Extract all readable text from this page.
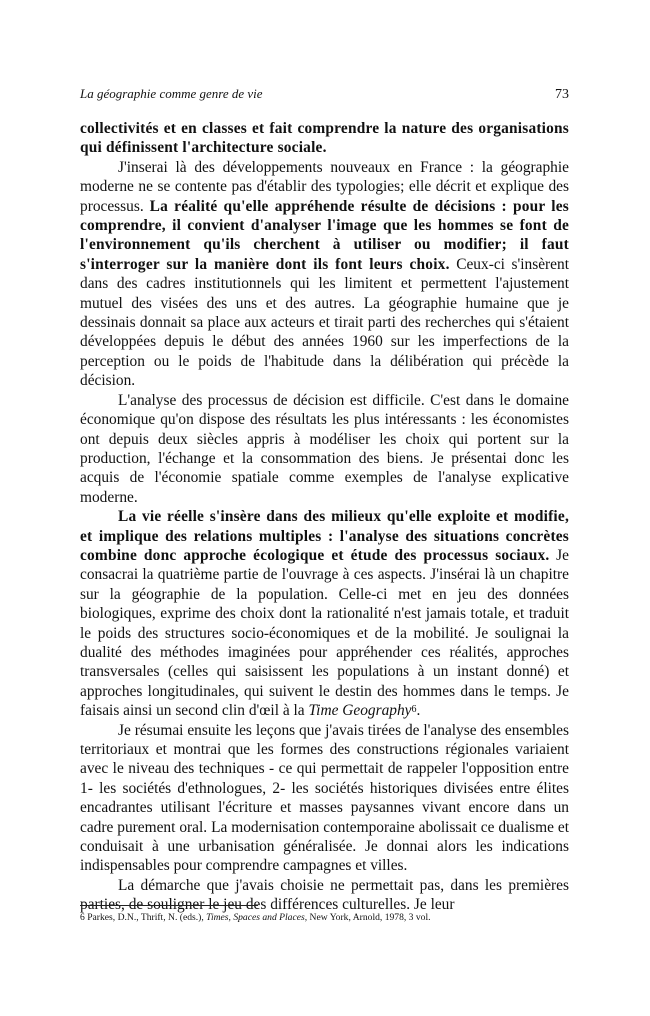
La géographie comme genre de vie	73

collectivités et en classes et fait comprendre la nature des organisations qui définissent l'architecture sociale.

J'inserai là des développements nouveaux en France : la géographie moderne ne se contente pas d'établir des typologies; elle décrit et explique des processus. La réalité qu'elle appréhende résulte de décisions : pour les comprendre, il convient d'analyser l'image que les hommes se font de l'environnement qu'ils cherchent à utiliser ou modifier; il faut s'interroger sur la manière dont ils font leurs choix. Ceux-ci s'insèrent dans des cadres institutionnels qui les limitent et permettent l'ajustement mutuel des visées des uns et des autres. La géographie humaine que je dessinais donnait sa place aux acteurs et tirait parti des recherches qui s'étaient développées depuis le début des années 1960 sur les imperfections de la perception ou le poids de l'habitude dans la délibération qui précède la décision.

L'analyse des processus de décision est difficile. C'est dans le domaine économique qu'on dispose des résultats les plus intéressants : les économistes ont depuis deux siècles appris à modéliser les choix qui portent sur la production, l'échange et la consommation des biens. Je présentai donc les acquis de l'économie spatiale comme exemples de l'analyse explicative moderne.

La vie réelle s'insère dans des milieux qu'elle exploite et modifie, et implique des relations multiples : l'analyse des situations concrètes combine donc approche écologique et étude des processus sociaux. Je consacrai la quatrième partie de l'ouvrage à ces aspects. J'insérai là un chapitre sur la géographie de la population. Celle-ci met en jeu des données biologiques, exprime des choix dont la rationalité n'est jamais totale, et traduit le poids des structures socio-économiques et de la mobilité. Je soulignai la dualité des méthodes imaginées pour appréhender ces réalités, approches transversales (celles qui saisissent les populations à un instant donné) et approches longitudinales, qui suivent le destin des hommes dans le temps. Je faisais ainsi un second clin d'œil à la Time Geography$^6$.

Je résumai ensuite les leçons que j'avais tirées de l'analyse des ensembles territoriaux et montrai que les formes des constructions régionales variaient avec le niveau des techniques - ce qui permettait de rappeler l'opposition entre 1- les sociétés d'ethnologues, 2- les sociétés historiques divisées entre élites encadrantes utilisant l'écriture et masses paysannes vivant encore dans un cadre purement oral. La modernisation contemporaine abolissait ce dualisme et conduisait à une urbanisation généralisée. Je donnai alors les indications indispensables pour comprendre campagnes et villes.

La démarche que j'avais choisie ne permettait pas, dans les premières parties, de souligner le jeu des différences culturelles. Je leur

6 Parkes, D.N., Thrift, N. (eds.), Times, Spaces and Places, New York, Arnold, 1978, 3 vol.
